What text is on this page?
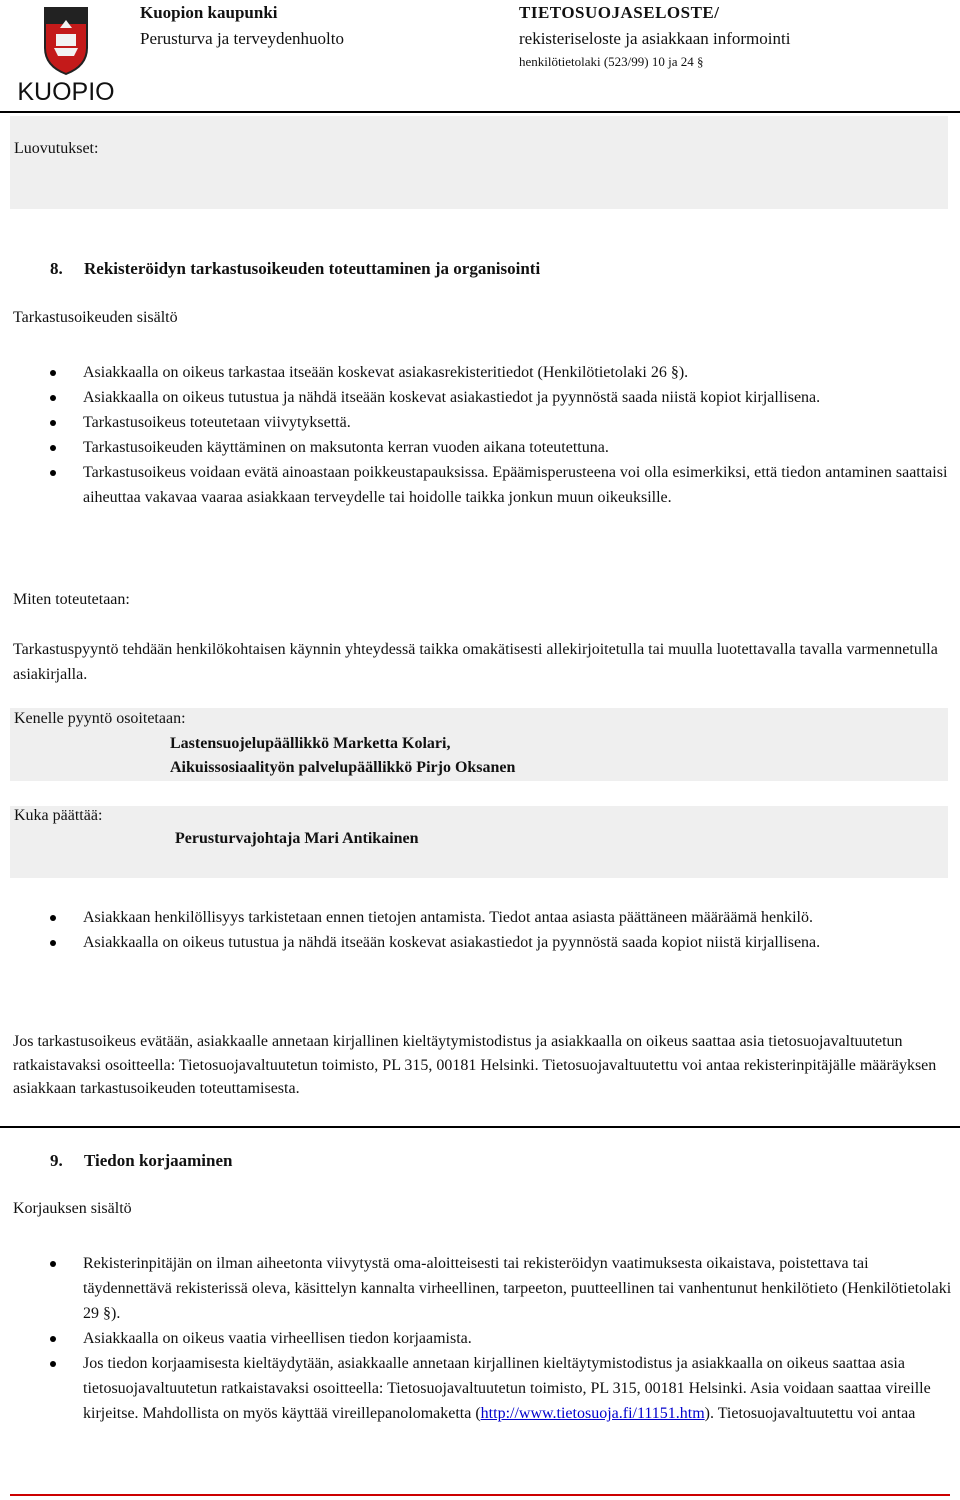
KUOPIO
Kuopion kaupunki
Perusturva ja terveydenhuolto
TIETOSUOJASELOSTE/
rekisteriseloste ja asiakkaan informointi
henkilötietolaki (523/99) 10 ja 24 §
Luovutukset:
8. Rekisteröidyn tarkastusoikeuden toteuttaminen ja organisointi
Tarkastusoikeuden sisältö
Asiakkaalla on oikeus tarkastaa itseään koskevat asiakasrekisteritiedot (Henkilötietolaki 26 §).
Asiakkaalla on oikeus tutustua ja nähdä itseään koskevat asiakastiedot ja pyynnöstä saada niistä kopiot kirjallisena.
Tarkastusoikeus toteutetaan viivytyksettä.
Tarkastusoikeuden käyttäminen on maksutonta kerran vuoden aikana toteutettuna.
Tarkastusoikeus voidaan evätä ainoastaan poikkeustapauksissa. Epäämisperusteena voi olla esimerkiksi, että tiedon antaminen saattaisi aiheuttaa vakavaa vaaraa asiakkaan terveydelle tai hoidolle taikka jonkun muun oikeuksille.
Miten toteutetaan:
Tarkastuspyyntö tehdään henkilökohtaisen käynnin yhteydessä taikka omakätisesti allekirjoitetulla tai muulla luotettavalla tavalla varmennetulla asiakirjalla.
Kenelle pyyntö osoitetaan:
Lastensuojelupäällikkö Marketta Kolari,
Aikuissosiaalityön palvelupäällikkö Pirjo Oksanen
Kuka päättää:
Perusturvajohtaja Mari Antikainen
Asiakkaan henkilöllisyys tarkistetaan ennen tietojen antamista. Tiedot antaa asiasta päättäneen määräämä henkilö.
Asiakkaalla on oikeus tutustua ja nähdä itseään koskevat asiakastiedot ja pyynnöstä saada kopiot niistä kirjallisena.
Jos tarkastusoikeus evätään, asiakkaalle annetaan kirjallinen kieltäytymistodistus ja asiakkaalla on oikeus saattaa asia tietosuojavaltuutetun ratkaistavaksi osoitteella: Tietosuojavaltuutetun toimisto, PL 315, 00181 Helsinki. Tietosuojavaltuutettu voi antaa rekisterinpitäjälle määräyksen asiakkaan tarkastusoikeuden toteuttamisesta.
9. Tiedon korjaaminen
Korjauksen sisältö
Rekisterinpitäjän on ilman aiheetonta viivytystä oma-aloitteisesti tai rekisteröidyn vaatimuksesta oikaistava, poistettava tai täydennettävä rekisterissä oleva, käsittelyn kannalta virheellinen, tarpeeton, puutteellinen tai vanhentunut henkilötieto (Henkilötietolaki 29 §).
Asiakkaalla on oikeus vaatia virheellisen tiedon korjaamista.
Jos tiedon korjaamisesta kieltäydytään, asiakkaalle annetaan kirjallinen kieltäytymistodistus ja asiakkaalla on oikeus saattaa asia tietosuojavaltuutetun ratkaistavaksi osoitteella: Tietosuojavaltuutetun toimisto, PL 315, 00181 Helsinki. Asia voidaan saattaa vireille kirjeitse. Mahdollista on myös käyttää vireillepanolomaketta (http://www.tietosuoja.fi/11151.htm). Tietosuojavaltuutettu voi antaa
